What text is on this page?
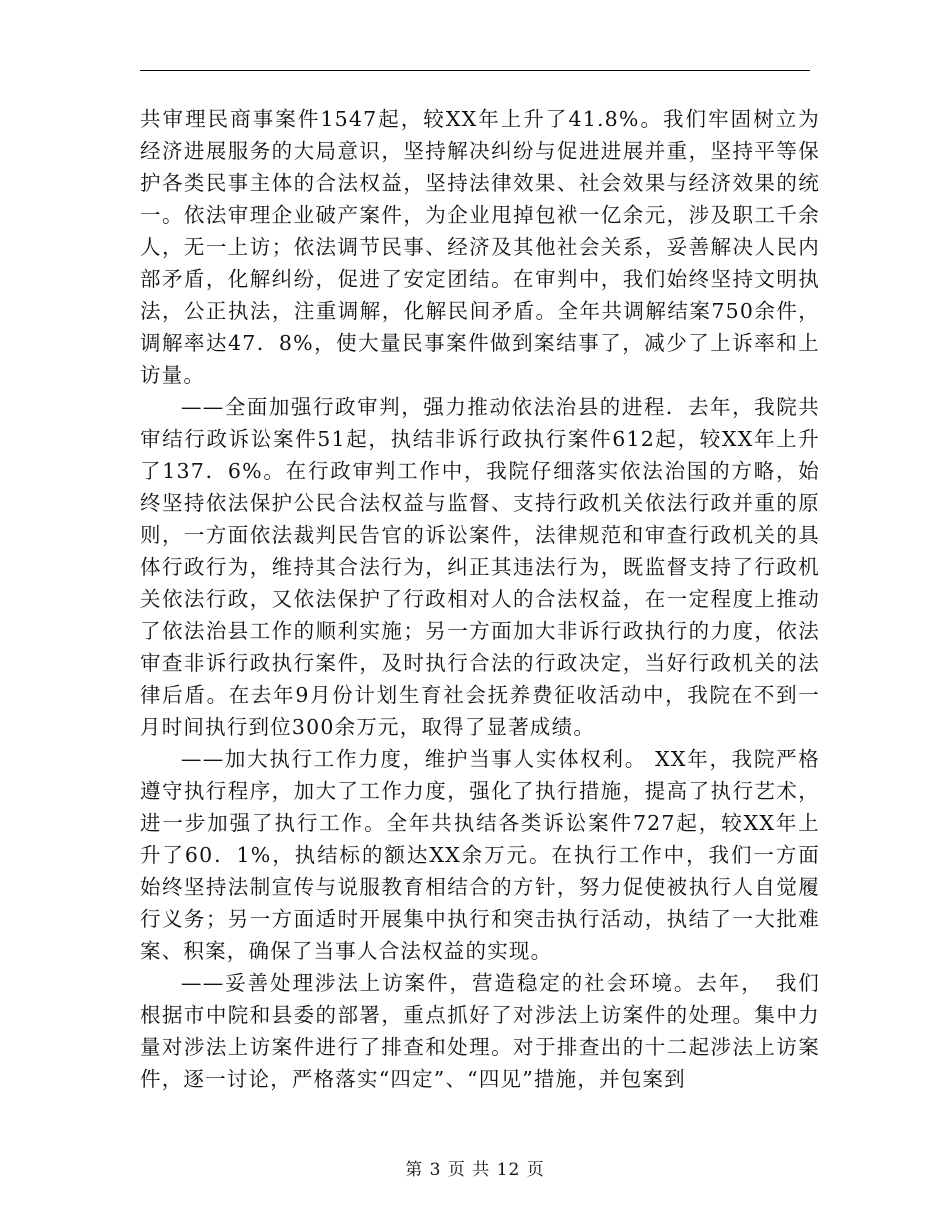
共审理民商事案件1547起，较XX年上升了41.8%。我们牢固树立为经济进展服务的大局意识，坚持解决纠纷与促进进展并重，坚持平等保护各类民事主体的合法权益，坚持法律效果、社会效果与经济效果的统一。依法审理企业破产案件，为企业甩掉包袱一亿余元，涉及职工千余人，无一上访；依法调节民事、经济及其他社会关系，妥善解决人民内部矛盾，化解纠纷，促进了安定团结。在审判中，我们始终坚持文明执法，公正执法，注重调解，化解民间矛盾。全年共调解结案750余件，调解率达47．8%，使大量民事案件做到案结事了，减少了上诉率和上访量。

——全面加强行政审判，强力推动依法治县的进程．去年，我院共审结行政诉讼案件51起，执结非诉行政执行案件612起，较XX年上升了137．6%。在行政审判工作中，我院仔细落实依法治国的方略，始终坚持依法保护公民合法权益与监督、支持行政机关依法行政并重的原则，一方面依法裁判民告官的诉讼案件，法律规范和审查行政机关的具体行政行为，维持其合法行为，纠正其违法行为，既监督支持了行政机关依法行政，又依法保护了行政相对人的合法权益，在一定程度上推动了依法治县工作的顺利实施；另一方面加大非诉行政执行的力度，依法审查非诉行政执行案件，及时执行合法的行政决定，当好行政机关的法律后盾。在去年9月份计划生育社会抚养费征收活动中，我院在不到一月时间执行到位300余万元，取得了显著成绩。

——加大执行工作力度，维护当事人实体权利。 XX年，我院严格遵守执行程序，加大了工作力度，强化了执行措施，提高了执行艺术，进一步加强了执行工作。全年共执结各类诉讼案件727起，较XX年上升了60．1%，执结标的额达XX余万元。在执行工作中，我们一方面始终坚持法制宣传与说服教育相结合的方针，努力促使被执行人自觉履行义务；另一方面适时开展集中执行和突击执行活动，执结了一大批难案、积案，确保了当事人合法权益的实现。

——妥善处理涉法上访案件，营造稳定的社会环境。去年，　我们根据市中院和县委的部署，重点抓好了对涉法上访案件的处理。集中力量对涉法上访案件进行了排查和处理。对于排查出的十二起涉法上访案件，逐一讨论，严格落实“四定”、“四见”措施，并包案到

第 3 页 共 12 页
